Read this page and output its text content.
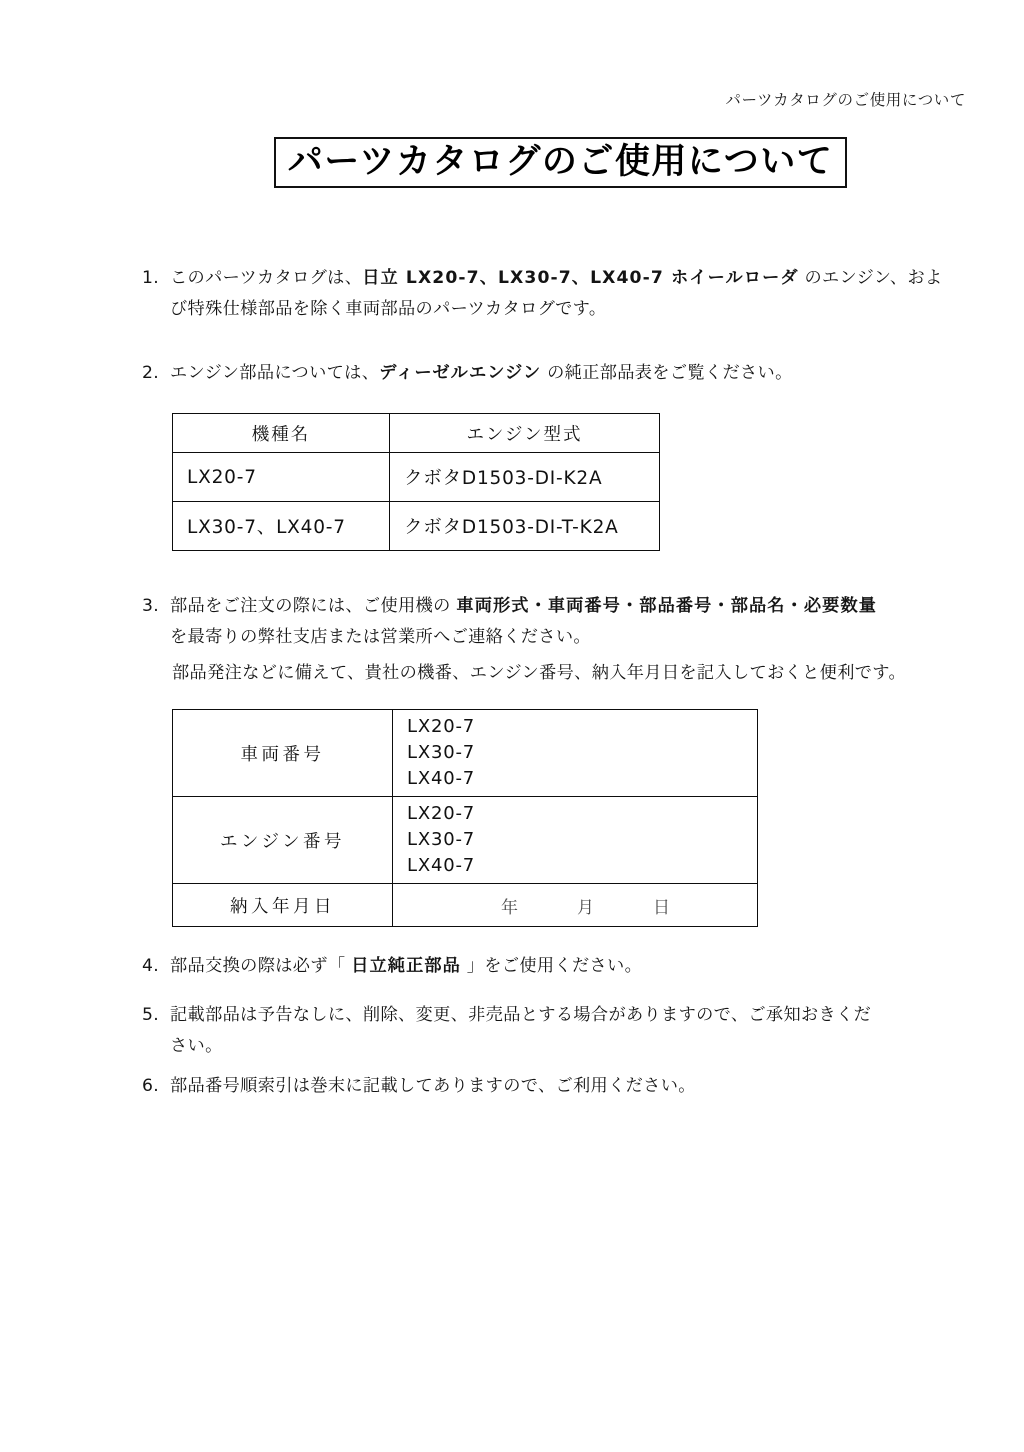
パーツカタログのご使用について
パーツカタログのご使用について
1. このパーツカタログは、日立 LX20-7、LX30-7、LX40-7 ホイールローダ のエンジン、およ
び特殊仕様部品を除く車両部品のパーツカタログです。
2. エンジン部品については、ディーゼルエンジン の純正部品表をご覧ください。
機種名	エンジン型式
LX20-7	クボタD1503-DI-K2A
LX30-7、LX40-7	クボタD1503-DI-T-K2A
3. 部品をご注文の際には、ご使用機の 車両形式・車両番号・部品番号・部品名・必要数量
を最寄りの弊社支店または営業所へご連絡ください。
部品発注などに備えて、貴社の機番、エンジン番号、納入年月日を記入しておくと便利です。
車両番号	LX20-7
LX30-7
LX40-7

エンジン番号	LX20-7
LX30-7
LX40-7

納入年月日	年 月 日
4. 部品交換の際は必ず「 日立純正部品 」をご使用ください。
5. 記載部品は予告なしに、削除、変更、非売品とする場合がありますので、ご承知おきくだ
さい。
6. 部品番号順索引は巻末に記載してありますので、ご利用ください。
